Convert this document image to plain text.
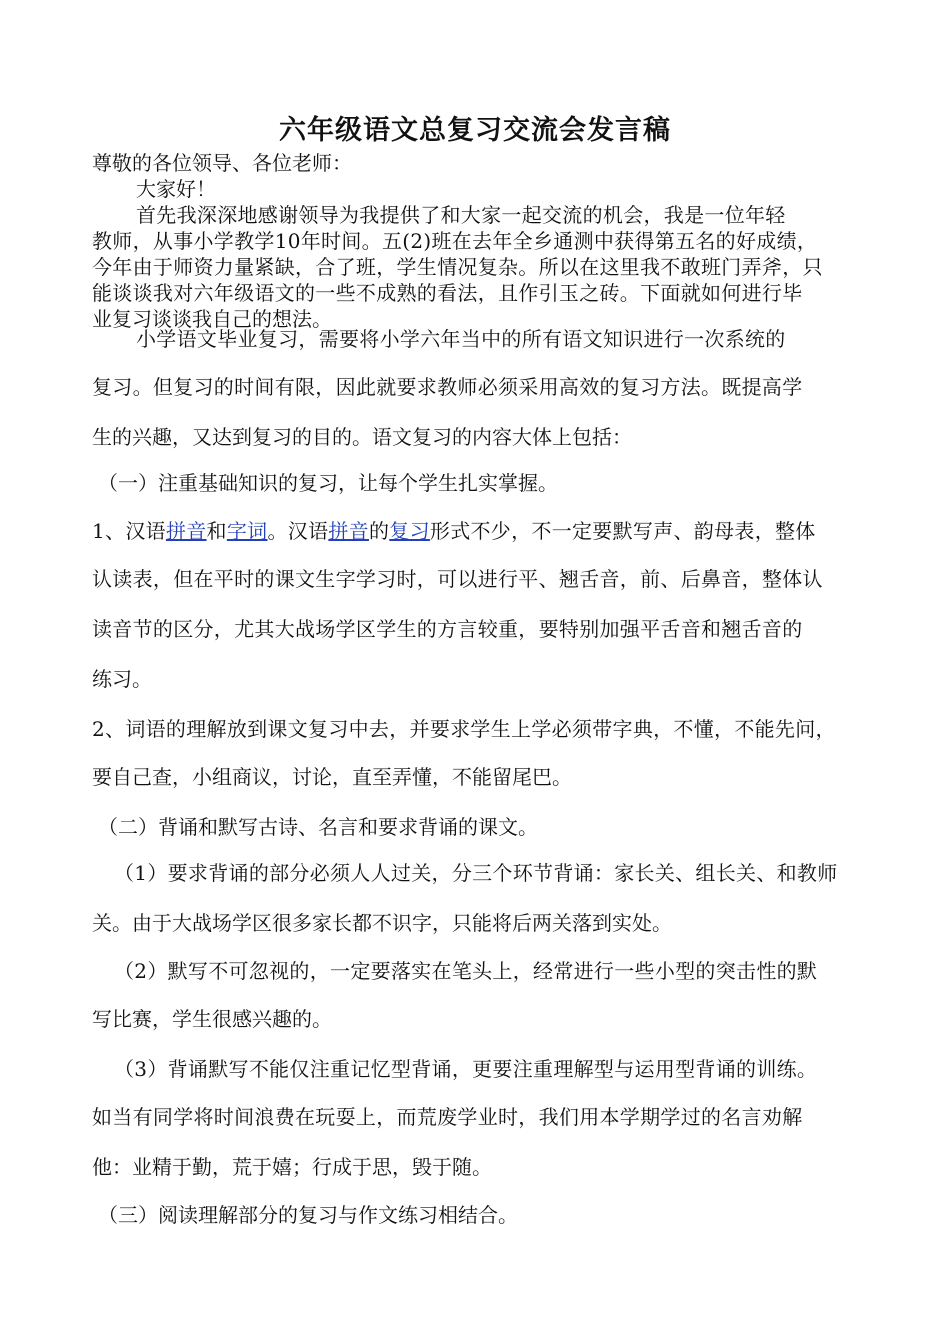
六年级语文总复习交流会发言稿
尊敬的各位领导、各位老师：
大家好！
首先我深深地感谢领导为我提供了和大家一起交流的机会，我是一位年轻
教师，从事小学教学10年时间。五(2)班在去年全乡通测中获得第五名的好成绩，
今年由于师资力量紧缺，合了班，学生情况复杂。所以在这里我不敢班门弄斧，只
能谈谈我对六年级语文的一些不成熟的看法，且作引玉之砖。下面就如何进行毕
业复习谈谈我自己的想法。
小学语文毕业复习，需要将小学六年当中的所有语文知识进行一次系统的
复习。但复习的时间有限，因此就要求教师必须采用高效的复习方法。既提高学
生的兴趣，又达到复习的目的。语文复习的内容大体上包括：
（一）注重基础知识的复习，让每个学生扎实掌握。
1、汉语拼音和字词。汉语拼音的复习形式不少，不一定要默写声、韵母表，整体
认读表，但在平时的课文生字学习时，可以进行平、翘舌音，前、后鼻音，整体认
读音节的区分，尤其大战场学区学生的方言较重，要特别加强平舌音和翘舌音的
练习。
2、词语的理解放到课文复习中去，并要求学生上学必须带字典，不懂，不能先问，
要自己查，小组商议，讨论，直至弄懂，不能留尾巴。
（二）背诵和默写古诗、名言和要求背诵的课文。
（1）要求背诵的部分必须人人过关，分三个环节背诵：家长关、组长关、和教师
关。由于大战场学区很多家长都不识字，只能将后两关落到实处。
（2）默写不可忽视的，一定要落实在笔头上，经常进行一些小型的突击性的默
写比赛，学生很感兴趣的。
（3）背诵默写不能仅注重记忆型背诵，更要注重理解型与运用型背诵的训练。
如当有同学将时间浪费在玩耍上，而荒废学业时，我们用本学期学过的名言劝解
他：业精于勤，荒于嬉；行成于思，毁于随。
（三）阅读理解部分的复习与作文练习相结合。
